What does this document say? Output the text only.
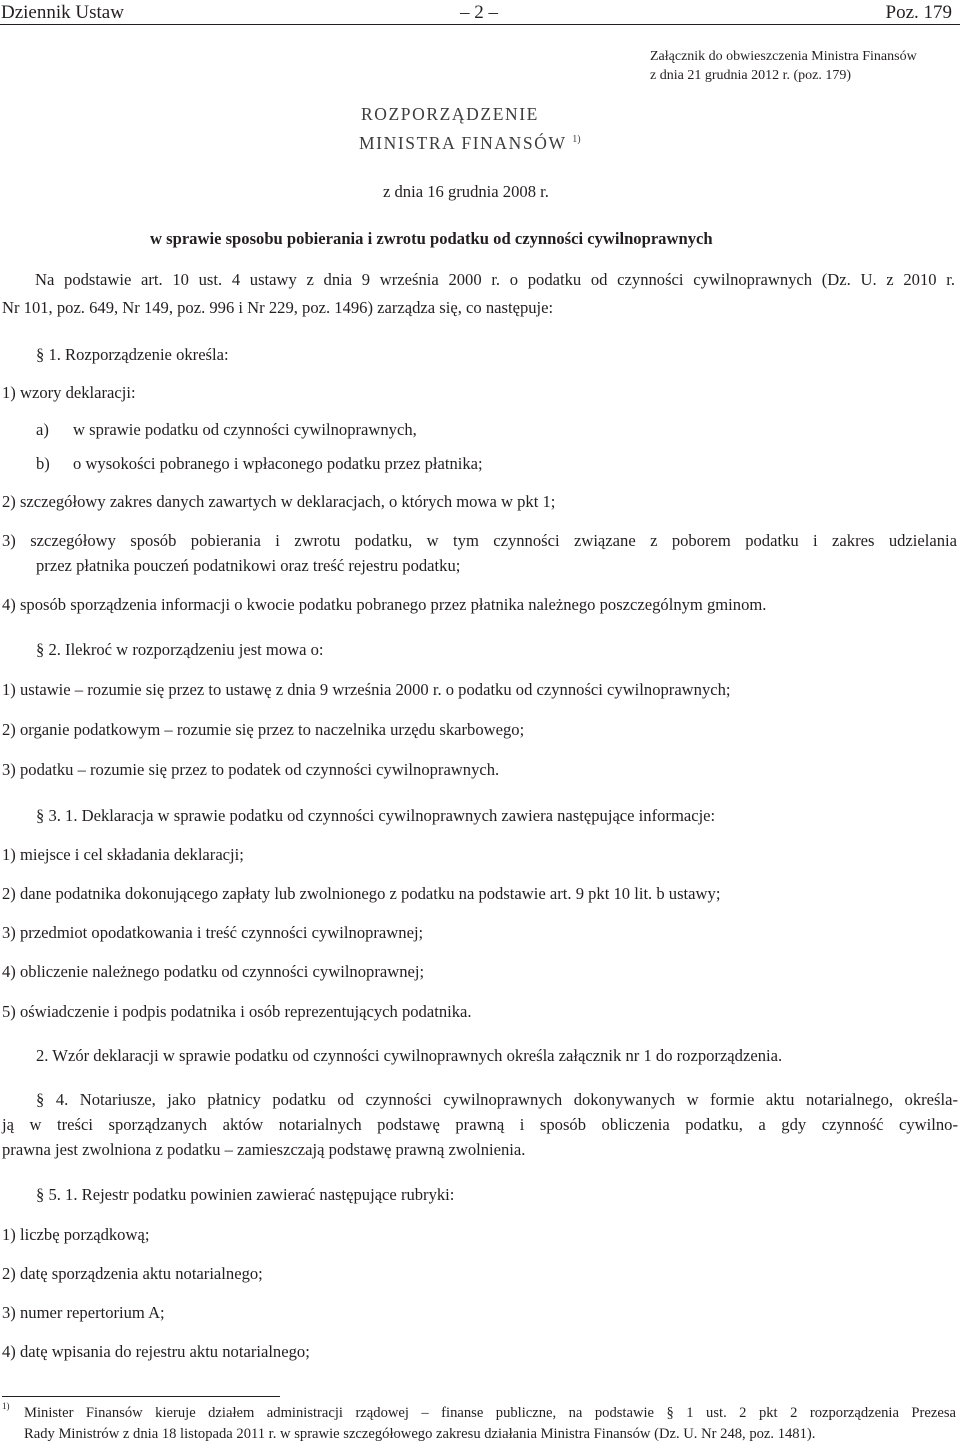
Dziennik Ustaw	– 2 –	Poz. 179
Załącznik do obwieszczenia Ministra Finansów
z dnia 21 grudnia 2012 r. (poz. 179)
ROZPORZĄDZENIE
MINISTRA FINANSÓW $^{1)}$
z dnia 16 grudnia 2008 r.
w sprawie sposobu pobierania i zwrotu podatku od czynności cywilnoprawnych
Na podstawie art. 10 ust. 4 ustawy z dnia 9 września 2000 r. o podatku od czynności cywilnoprawnych (Dz. U. z 2010 r.
Nr 101, poz. 649, Nr 149, poz. 996 i Nr 229, poz. 1496) zarządza się, co następuje:
§ 1. Rozporządzenie określa:
1) wzory deklaracji:
a) w sprawie podatku od czynności cywilnoprawnych,
b) o wysokości pobranego i wpłaconego podatku przez płatnika;
2) szczegółowy zakres danych zawartych w deklaracjach, o których mowa w pkt 1;
3) szczegółowy sposób pobierania i zwrotu podatku, w tym czynności związane z poborem podatku i zakres udzielania
przez płatnika pouczeń podatnikowi oraz treść rejestru podatku;
4) sposób sporządzenia informacji o kwocie podatku pobranego przez płatnika należnego poszczególnym gminom.
§ 2. Ilekroć w rozporządzeniu jest mowa o:
1) ustawie – rozumie się przez to ustawę z dnia 9 września 2000 r. o podatku od czynności cywilnoprawnych;
2) organie podatkowym – rozumie się przez to naczelnika urzędu skarbowego;
3) podatku – rozumie się przez to podatek od czynności cywilnoprawnych.
§ 3. 1. Deklaracja w sprawie podatku od czynności cywilnoprawnych zawiera następujące informacje:
1) miejsce i cel składania deklaracji;
2) dane podatnika dokonującego zapłaty lub zwolnionego z podatku na podstawie art. 9 pkt 10 lit. b ustawy;
3) przedmiot opodatkowania i treść czynności cywilnoprawnej;
4) obliczenie należnego podatku od czynności cywilnoprawnej;
5) oświadczenie i podpis podatnika i osób reprezentujących podatnika.
2. Wzór deklaracji w sprawie podatku od czynności cywilnoprawnych określa załącznik nr 1 do rozporządzenia.
§ 4. Notariusze, jako płatnicy podatku od czynności cywilnoprawnych dokonywanych w formie aktu notarialnego, określa-
ją w treści sporządzanych aktów notarialnych podstawę prawną i sposób obliczenia podatku, a gdy czynność cywilno-
prawna jest zwolniona z podatku – zamieszczają podstawę prawną zwolnienia.
§ 5. 1. Rejestr podatku powinien zawierać następujące rubryki:
1) liczbę porządkową;
2) datę sporządzenia aktu notarialnego;
3) numer repertorium A;
4) datę wpisania do rejestru aktu notarialnego;
1) Minister Finansów kieruje działem administracji rządowej – finanse publiczne, na podstawie § 1 ust. 2 pkt 2 rozporządzenia Prezesa
Rady Ministrów z dnia 18 listopada 2011 r. w sprawie szczegółowego zakresu działania Ministra Finansów (Dz. U. Nr 248, poz. 1481).
